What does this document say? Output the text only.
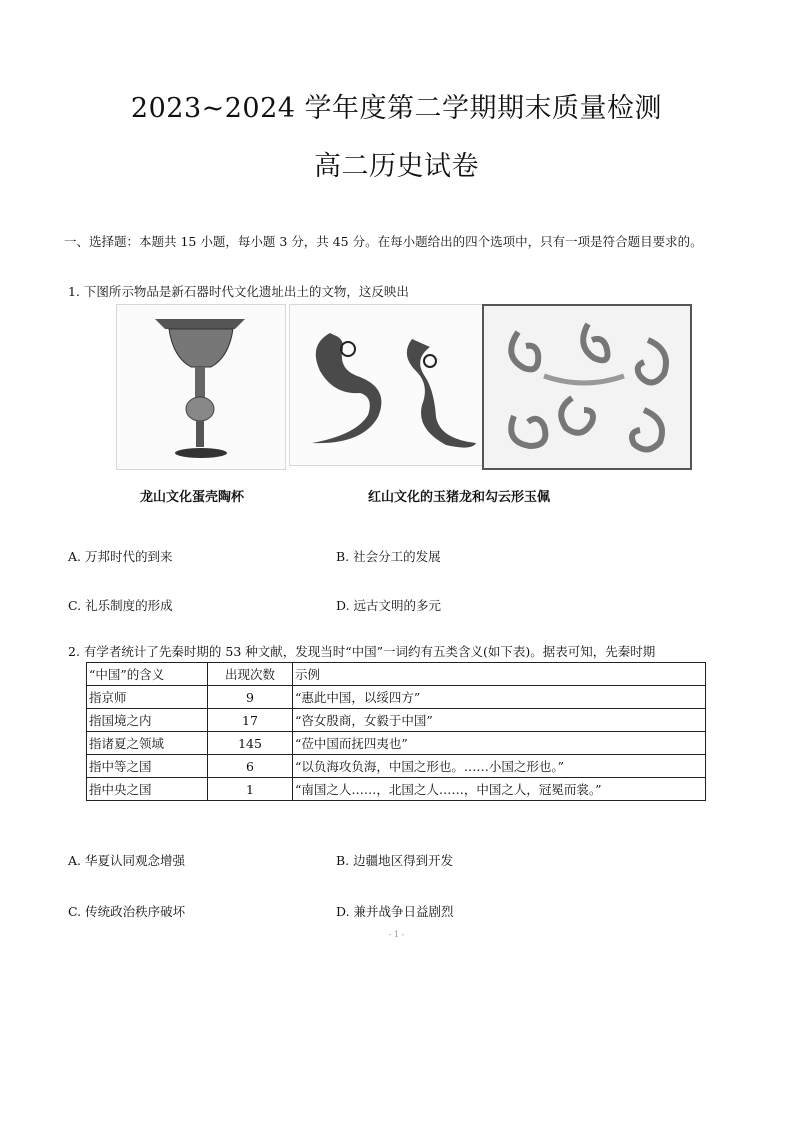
2023~2024 学年度第二学期期末质量检测
高二历史试卷
一、选择题：本题共 15 小题，每小题 3 分，共 45 分。在每小题给出的四个选项中，只有一项是符合题目要求的。
1. 下图所示物品是新石器时代文化遗址出土的文物，这反映出
龙山文化蛋壳陶杯	红山文化的玉猪龙和勾云形玉佩
A. 万邦时代的到来	B. 社会分工的发展
C. 礼乐制度的形成	D. 远古文明的多元
2. 有学者统计了先秦时期的 53 种文献，发现当时“中国”一词约有五类含义(如下表)。据表可知，先秦时期
“中国”的含义	出现次数	示例
指京师	9	“惠此中国，以绥四方”
指国境之内	17	“咨女殷商，女毅于中国”
指诸夏之领域	145	“莅中国而抚四夷也”
指中等之国	6	“以负海攻负海，中国之形也。……小国之形也。”
指中央之国	1	“南国之人……，北国之人……，中国之人，冠冕而裳。”
A. 华夏认同观念增强	B. 边疆地区得到开发
C. 传统政治秩序破坏	D. 兼并战争日益剧烈
- 1 -
